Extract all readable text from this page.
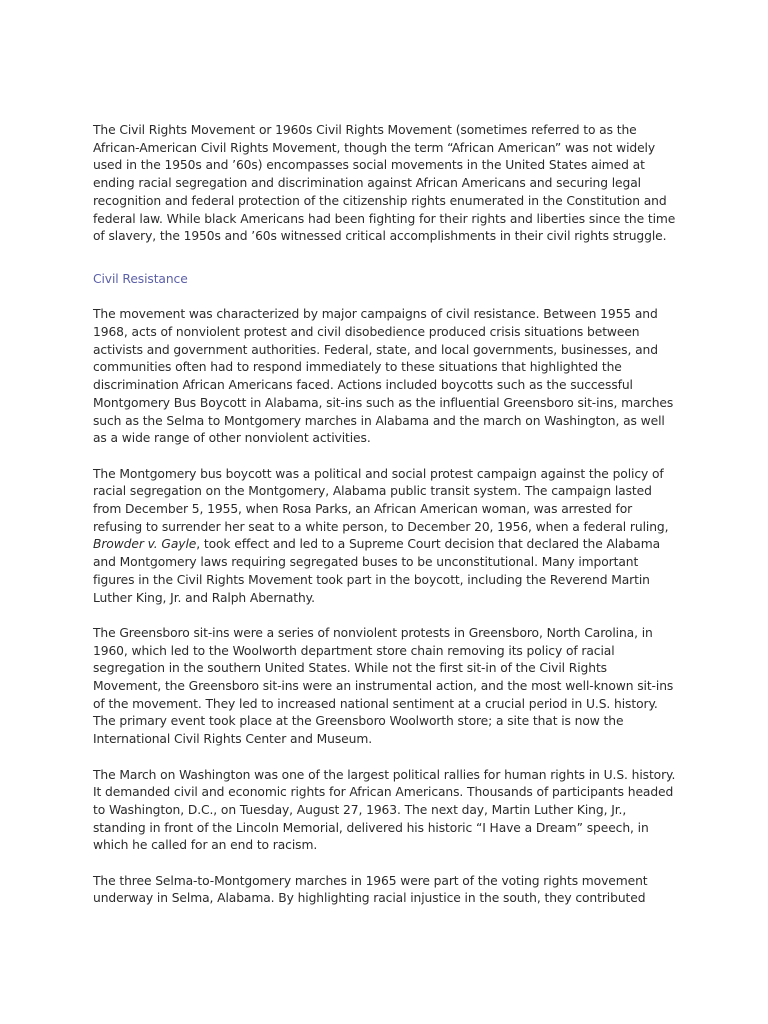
The Civil Rights Movement or 1960s Civil Rights Movement (sometimes referred to as the African-American Civil Rights Movement, though the term “African American” was not widely used in the 1950s and ’60s) encompasses social movements in the United States aimed at ending racial segregation and discrimination against African Americans and securing legal recognition and federal protection of the citizenship rights enumerated in the Constitution and federal law. While black Americans had been fighting for their rights and liberties since the time of slavery, the 1950s and ’60s witnessed critical accomplishments in their civil rights struggle.

Civil Resistance

The movement was characterized by major campaigns of civil resistance. Between 1955 and 1968, acts of nonviolent protest and civil disobedience produced crisis situations between activists and government authorities. Federal, state, and local governments, businesses, and communities often had to respond immediately to these situations that highlighted the discrimination African Americans faced. Actions included boycotts such as the successful Montgomery Bus Boycott in Alabama, sit-ins such as the influential Greensboro sit-ins, marches such as the Selma to Montgomery marches in Alabama and the march on Washington, as well as a wide range of other nonviolent activities.

The Montgomery bus boycott was a political and social protest campaign against the policy of racial segregation on the Montgomery, Alabama public transit system. The campaign lasted from December 5, 1955, when Rosa Parks, an African American woman, was arrested for refusing to surrender her seat to a white person, to December 20, 1956, when a federal ruling, Browder v. Gayle, took effect and led to a Supreme Court decision that declared the Alabama and Montgomery laws requiring segregated buses to be unconstitutional. Many important figures in the Civil Rights Movement took part in the boycott, including the Reverend Martin Luther King, Jr. and Ralph Abernathy.

The Greensboro sit-ins were a series of nonviolent protests in Greensboro, North Carolina, in 1960, which led to the Woolworth department store chain removing its policy of racial segregation in the southern United States. While not the first sit-in of the Civil Rights Movement, the Greensboro sit-ins were an instrumental action, and the most well-known sit-ins of the movement. They led to increased national sentiment at a crucial period in U.S. history. The primary event took place at the Greensboro Woolworth store; a site that is now the International Civil Rights Center and Museum.

The March on Washington was one of the largest political rallies for human rights in U.S. history. It demanded civil and economic rights for African Americans. Thousands of participants headed to Washington, D.C., on Tuesday, August 27, 1963. The next day, Martin Luther King, Jr., standing in front of the Lincoln Memorial, delivered his historic “I Have a Dream” speech, in which he called for an end to racism.

The three Selma-to-Montgomery marches in 1965 were part of the voting rights movement underway in Selma, Alabama. By highlighting racial injustice in the south, they contributed
